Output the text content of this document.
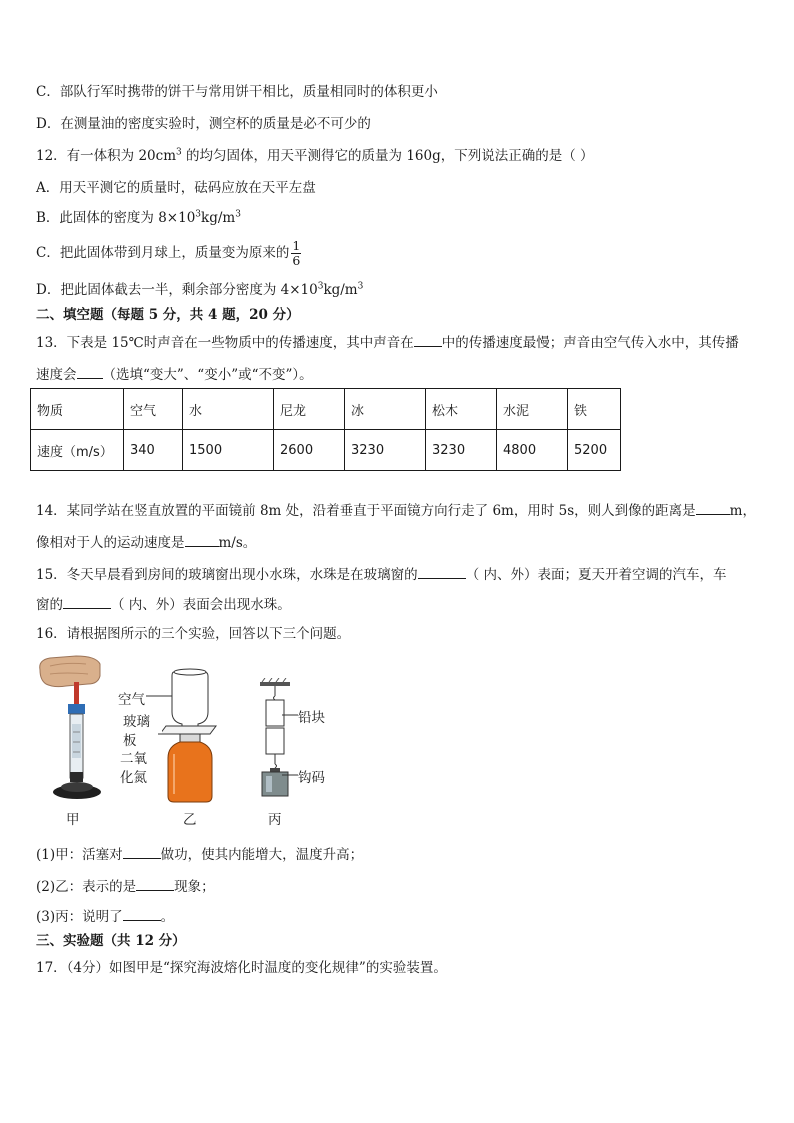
C．部队行军时携带的饼干与常用饼干相比，质量相同时的体积更小
D．在测量油的密度实验时，测空杯的质量是必不可少的
12．有一体积为 $20cm^3$ 的均匀固体，用天平测得它的质量为 160g，下列说法正确的是（ ）
A．用天平测它的质量时，砝码应放在天平左盘
B．此固体的密度为 $8\times 10^3kg/m^3$
C．把此固体带到月球上，质量变为原来的 $\frac{1}{6}$
D．把此固体截去一半，剩余部分密度为 $4\times 10^3kg/m^3$
二、填空题（每题 5 分，共 4 题，20 分）
13．下表是 15℃时声音在一些物质中的传播速度，其中声音在 中的传播速度最慢；声音由空气传入水中，其传播
速度会 （选填“变大”、“变小”或“不变”）。
物质	空气	水	尼龙	冰	松木	水泥	铁
速度（m/s）	340	1500	2600	3230	3230	4800	5200
14．某同学站在竖直放置的平面镜前 8m 处，沿着垂直于平面镜方向行走了 6m，用时 5s，则人到像的距离是	m，
像相对于人的运动速度是	m/s。
15．冬天早晨看到房间的玻璃窗出现小水珠，水珠是在玻璃窗的	（ 内、外）表面；夏天开着空调的汽车，车
窗的	（ 内、外）表面会出现水珠。
16．请根据图所示的三个实验，回答以下三个问题。
空气
玻璃
板
二氧
化氮
铅块
钩码
甲	乙	丙
(1)甲：活塞对	做功，使其内能增大，温度升高；
(2)乙：表示的是	现象；
(3)丙：说明了	。
三、实验题（共 12 分）
17．（4分）如图甲是“探究海波熔化时温度的变化规律”的实验装置。
